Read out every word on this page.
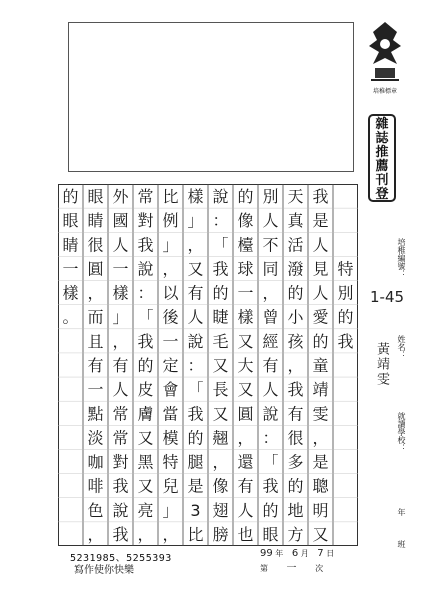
培稚標章
雜
誌
推
薦
刊
登
培稚編號：
1-45
姓名：
黃靖雯
就讀學校：
年
班
特別的我
我是人見人愛的童靖雯，是聰明又
天真活潑的小孩，我有很多的地方
別人不同，曾經有人說：「我的眼
的像檯球一樣又大又圓，還有人也
說：「我的睫毛又長又翹，像翅膀
樣」，又有人說：「我的腿是 3 比
比例」，以後一定會當模特兒」，
常對我說：「我的皮膚又黑又亮，
外國人一樣」，有人常常對我說我
眼睛很圓，而且有一點淡咖啡色，
的眼睛一樣。
5231985、5255393
寫作使你快樂
99 年 6 月 7 日
第 一 次
